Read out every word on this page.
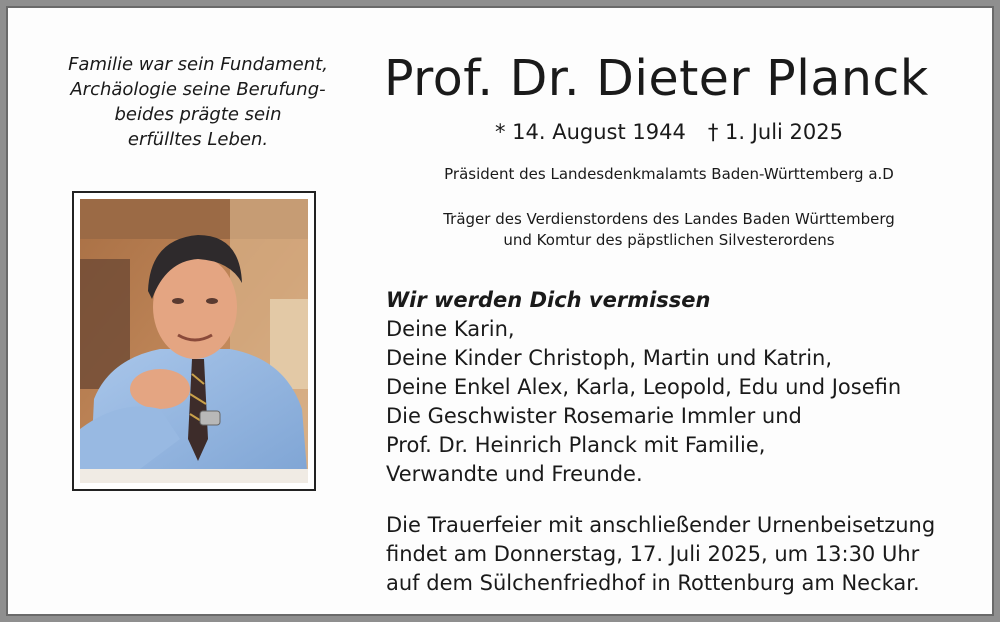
Familie war sein Fundament,
Archäologie seine Berufung-
beides prägte sein
erfülltes Leben.
Prof. Dr. Dieter Planck
* 14. August 1944 † 1. Juli 2025
Präsident des Landesdenkmalamts Baden-Württemberg a.D
Träger des Verdienstordens des Landes Baden Württemberg
und Komtur des päpstlichen Silvesterordens
Wir werden Dich vermissen
Deine Karin,
Deine Kinder Christoph, Martin und Katrin,
Deine Enkel Alex, Karla, Leopold, Edu und Josefin
Die Geschwister Rosemarie Immler und
Prof. Dr. Heinrich Planck mit Familie,
Verwandte und Freunde.
Die Trauerfeier mit anschließender Urnenbeisetzung
findet am Donnerstag, 17. Juli 2025, um 13:30 Uhr
auf dem Sülchenfriedhof in Rottenburg am Neckar.
